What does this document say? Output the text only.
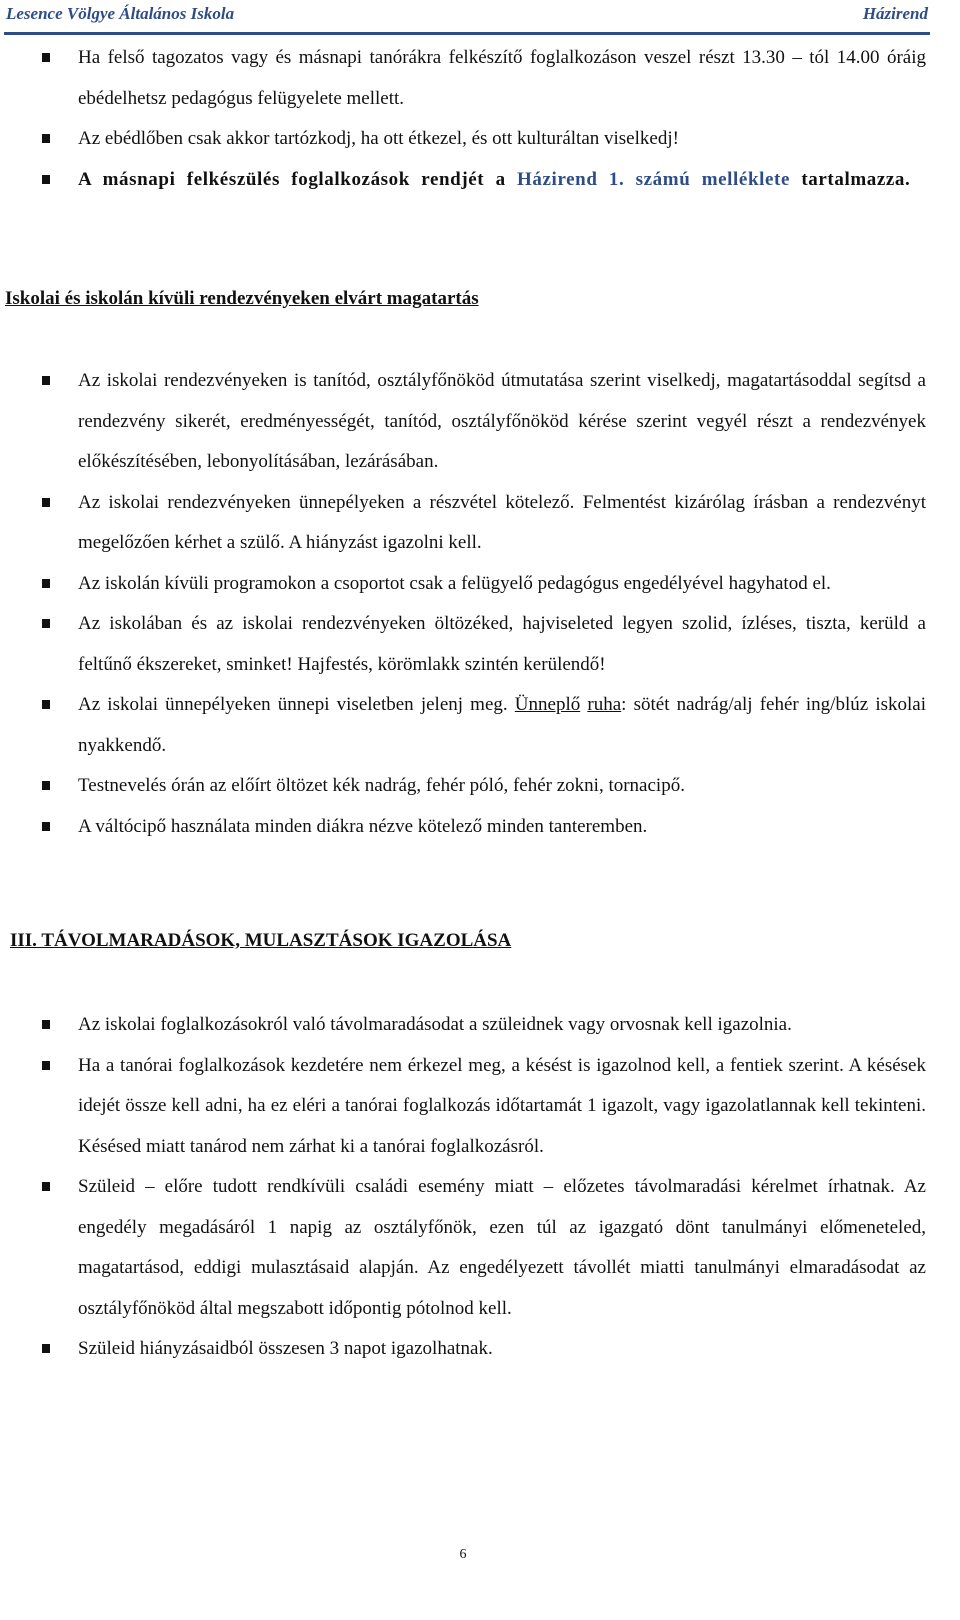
Lesence Völgye Általános Iskola	Házirend
Ha felső tagozatos vagy és másnapi tanórákra felkészítő foglalkozáson veszel részt 13.30 – tól 14.00 óráig ebédelhetsz pedagógus felügyelete mellett.
Az ebédlőben csak akkor tartózkodj, ha ott étkezel, és ott kulturáltan viselkedj!
A másnapi felkészülés foglalkozások rendjét a Házirend 1. számú melléklete tartalmazza.
Iskolai és iskolán kívüli rendezvényeken elvárt magatartás
Az iskolai rendezvényeken is tanítód, osztályfőnököd útmutatása szerint viselkedj, magatartásoddal segítsd a rendezvény sikerét, eredményességét, tanítód, osztályfőnököd kérése szerint vegyél részt a rendezvények előkészítésében, lebonyolításában, lezárásában.
Az iskolai rendezvényeken ünnepélyeken a részvétel kötelező. Felmentést kizárólag írásban a rendezvényt megelőzően kérhet a szülő. A hiányzást igazolni kell.
Az iskolán kívüli programokon a csoportot csak a felügyelő pedagógus engedélyével hagyhatod el.
Az iskolában és az iskolai rendezvényeken öltözéked, hajviseleted legyen szolid, ízléses, tiszta, kerüld a feltűnő ékszereket, sminket! Hajfestés, körömlakk szintén kerülendő!
Az iskolai ünnepélyeken ünnepi viseletben jelenj meg. Ünneplő ruha: sötét nadrág/alj fehér ing/blúz iskolai nyakkendő.
Testnevelés órán az előírt öltözet kék nadrág, fehér póló, fehér zokni, tornacipő.
A váltócipő használata minden diákra nézve kötelező minden tanteremben.
III. TÁVOLMARADÁSOK, MULASZTÁSOK IGAZOLÁSA
Az iskolai foglalkozásokról való távolmaradásodat a szüleidnek vagy orvosnak kell igazolnia.
Ha a tanórai foglalkozások kezdetére nem érkezel meg, a késést is igazolnod kell, a fentiek szerint. A késések idejét össze kell adni, ha ez eléri a tanórai foglalkozás időtartamát 1 igazolt, vagy igazolatlannak kell tekinteni. Késésed miatt tanárod nem zárhat ki a tanórai foglalkozásról.
Szüleid – előre tudott rendkívüli családi esemény miatt – előzetes távolmaradási kérelmet írhatnak. Az engedély megadásáról 1 napig az osztályfőnök, ezen túl az igazgató dönt tanulmányi előmeneteled, magatartásod, eddigi mulasztásaid alapján. Az engedélyezett távollét miatti tanulmányi elmaradásodat az osztályfőnököd által megszabott időpontig pótolnod kell.
Szüleid hiányzásaidból összesen 3 napot igazolhatnak.
6
